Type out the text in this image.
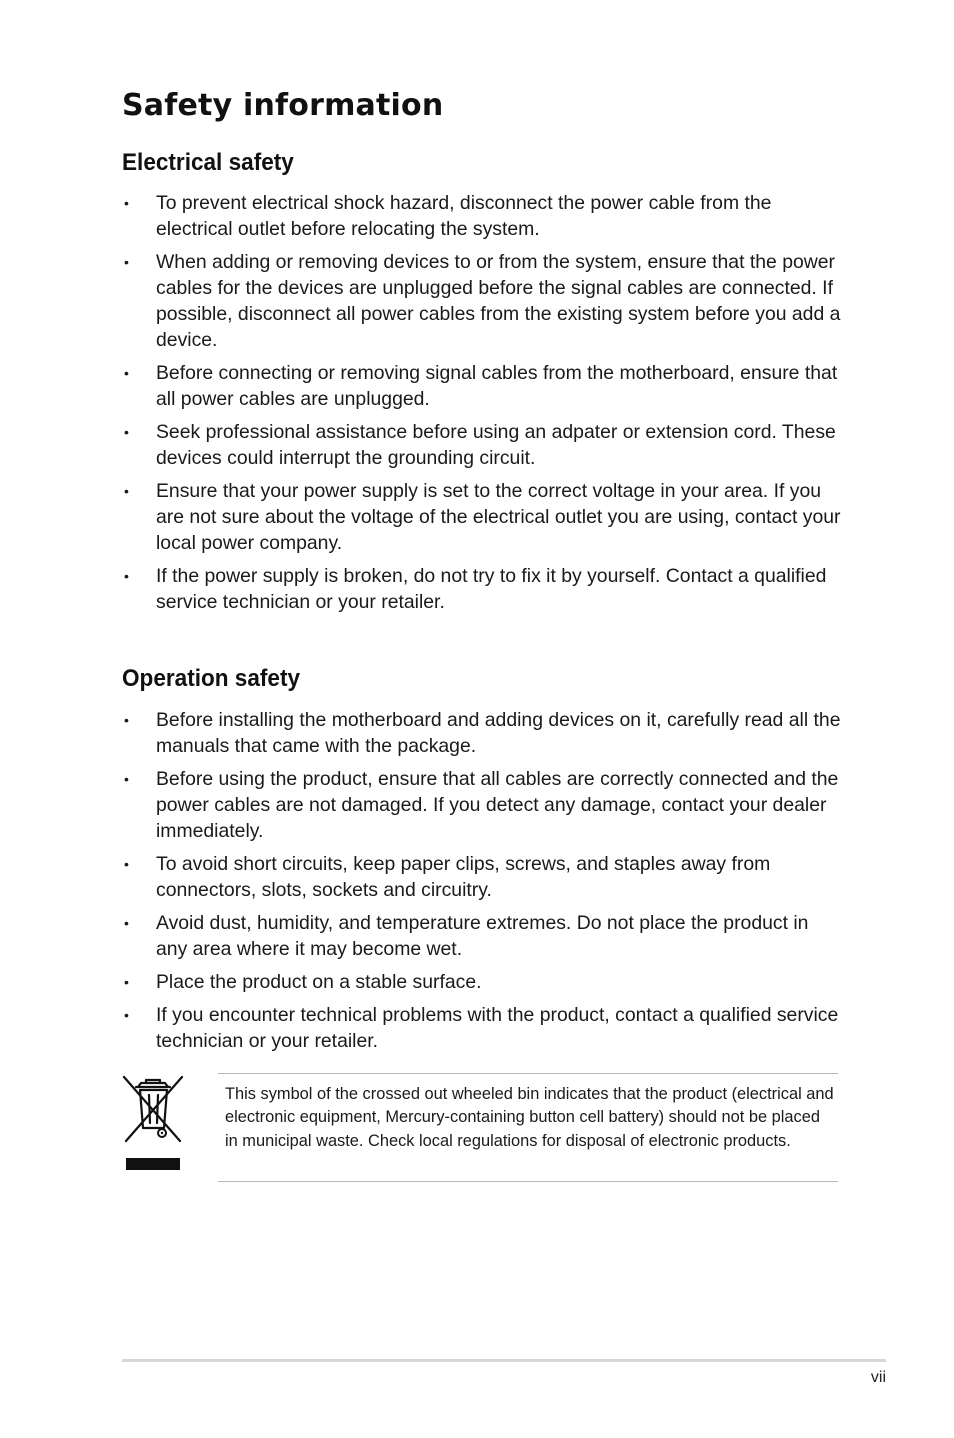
Safety information
Electrical safety
• To prevent electrical shock hazard, disconnect the power cable from the electrical outlet before relocating the system.
• When adding or removing devices to or from the system, ensure that the power cables for the devices are unplugged before the signal cables are connected. If possible, disconnect all power cables from the existing system before you add a device.
• Before connecting or removing signal cables from the motherboard, ensure that all power cables are unplugged.
• Seek professional assistance before using an adpater or extension cord. These devices could interrupt the grounding circuit.
• Ensure that your power supply is set to the correct voltage in your area. If you are not sure about the voltage of the electrical outlet you are using, contact your local power company.
• If the power supply is broken, do not try to fix it by yourself. Contact a qualified service technician or your retailer.
Operation safety
• Before installing the motherboard and adding devices on it, carefully read all the manuals that came with the package.
• Before using the product, ensure that all cables are correctly connected and the power cables are not damaged. If you detect any damage, contact your dealer immediately.
• To avoid short circuits, keep paper clips, screws, and staples away from connectors, slots, sockets and circuitry.
• Avoid dust, humidity, and temperature extremes. Do not place the product in any area where it may become wet.
• Place the product on a stable surface.
• If you encounter technical problems with the product, contact a qualified service technician or your retailer.

This symbol of the crossed out wheeled bin indicates that the product (electrical and electronic equipment, Mercury-containing button cell battery) should not be placed in municipal waste. Check local regulations for disposal of electronic products.

vii
